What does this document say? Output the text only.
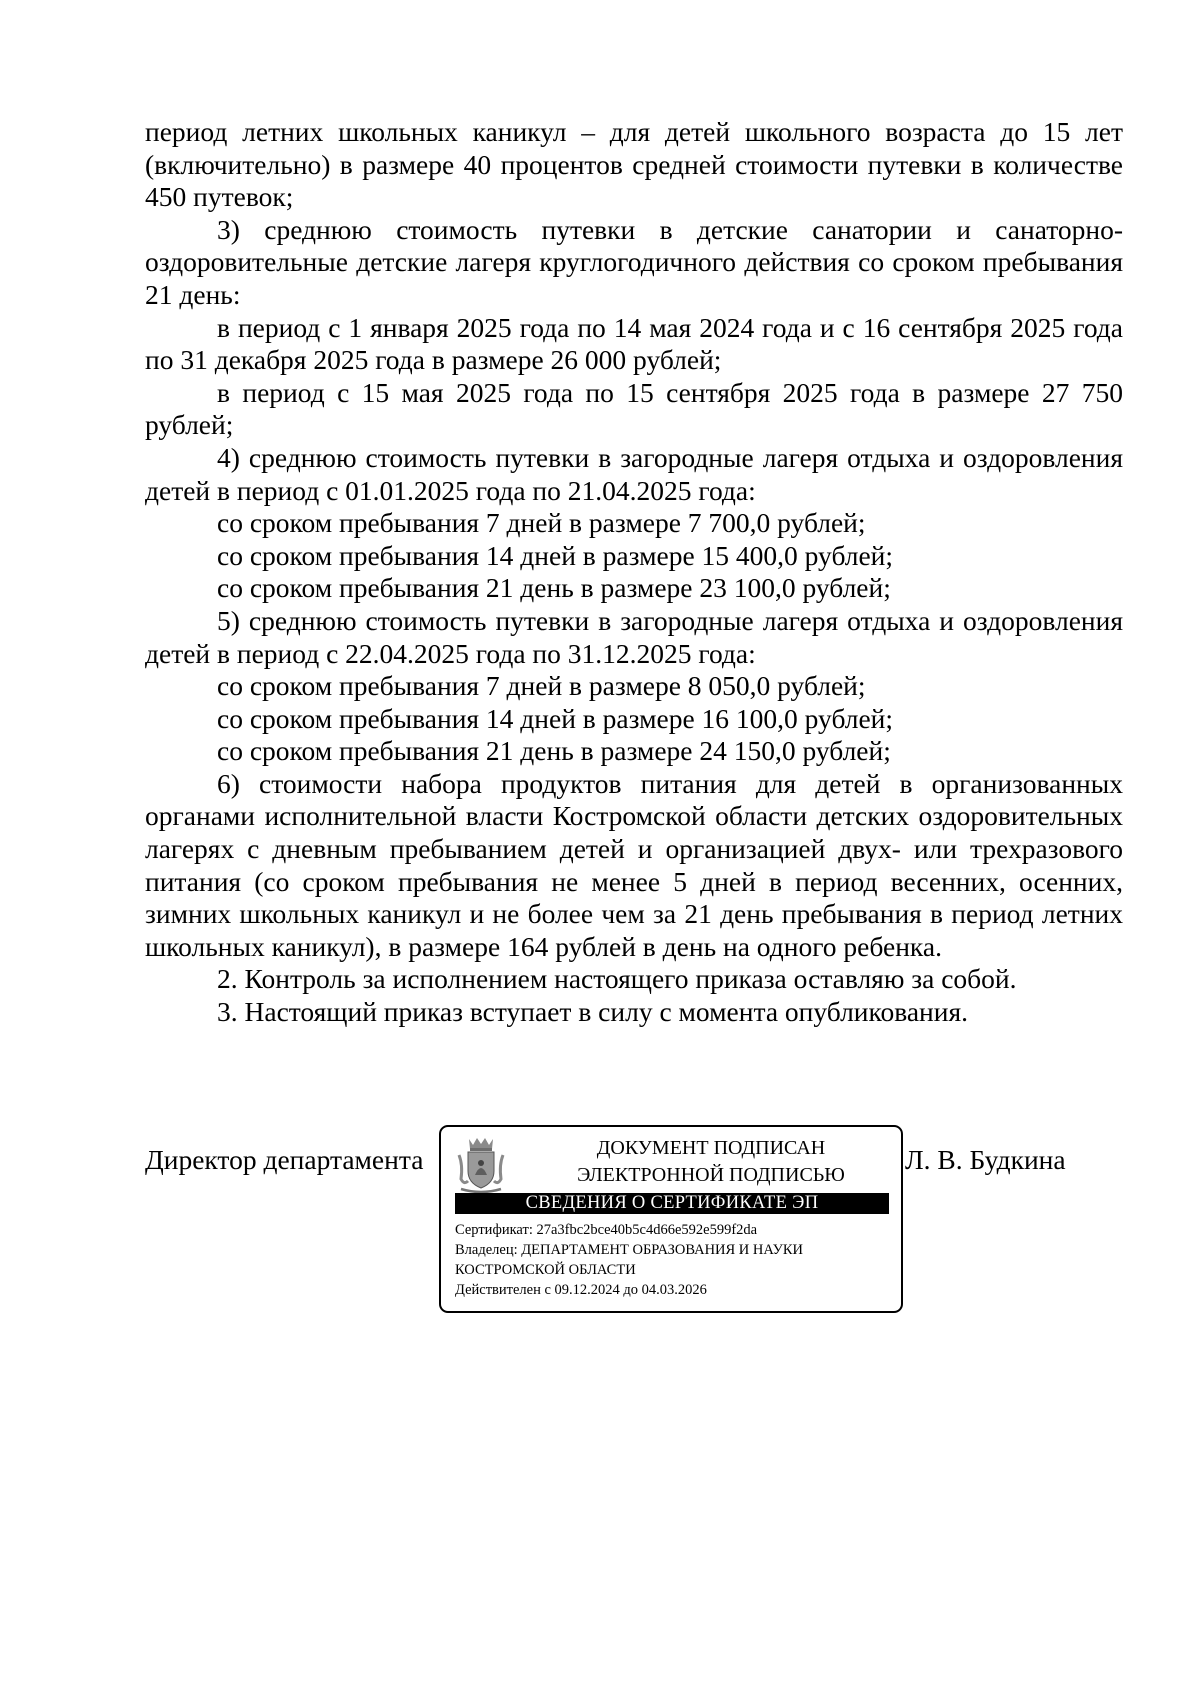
период летних школьных каникул – для детей школьного возраста до 15 лет (включительно) в размере 40 процентов средней стоимости путевки в количестве 450 путевок;

3) среднюю стоимость путевки в детские санатории и санаторно-оздоровительные детские лагеря круглогодичного действия со сроком пребывания 21 день:

в период с 1 января 2025 года по 14 мая 2024 года и с 16 сентября 2025 года по 31 декабря 2025 года в размере 26 000 рублей;

в период с 15 мая 2025 года по 15 сентября 2025 года в размере 27 750 рублей;

4) среднюю стоимость путевки в загородные лагеря отдыха и оздоровления детей в период с 01.01.2025 года по 21.04.2025 года:

со сроком пребывания 7 дней в размере 7 700,0 рублей;

со сроком пребывания 14 дней в размере 15 400,0 рублей;

со сроком пребывания 21 день в размере 23 100,0 рублей;

5) среднюю стоимость путевки в загородные лагеря отдыха и оздоровления детей в период с 22.04.2025 года по 31.12.2025 года:

со сроком пребывания 7 дней в размере 8 050,0 рублей;

со сроком пребывания 14 дней в размере 16 100,0 рублей;

со сроком пребывания 21 день в размере 24 150,0 рублей;

6) стоимости набора продуктов питания для детей в организованных органами исполнительной власти Костромской области детских оздоровительных лагерях с дневным пребыванием детей и организацией двух- или трехразового питания (со сроком пребывания не менее 5 дней в период весенних, осенних, зимних школьных каникул и не более чем за 21 день пребывания в период летних школьных каникул), в размере 164 рублей в день на одного ребенка.

2. Контроль за исполнением настоящего приказа оставляю за собой.

3. Настоящий приказ вступает в силу с момента опубликования.

Директор департамента	ДОКУМЕНТ ПОДПИСАН
ЭЛЕКТРОННОЙ ПОДПИСЬЮ
СВЕДЕНИЯ О СЕРТИФИКАТЕ ЭП
Сертификат: 27a3fbc2bce40b5c4d66e592e599f2da
Владелец: ДЕПАРТАМЕНТ ОБРАЗОВАНИЯ И НАУКИ
КОСТРОМСКОЙ ОБЛАСТИ
Действителен с 09.12.2024 до 04.03.2026
Л. В. Будкина
